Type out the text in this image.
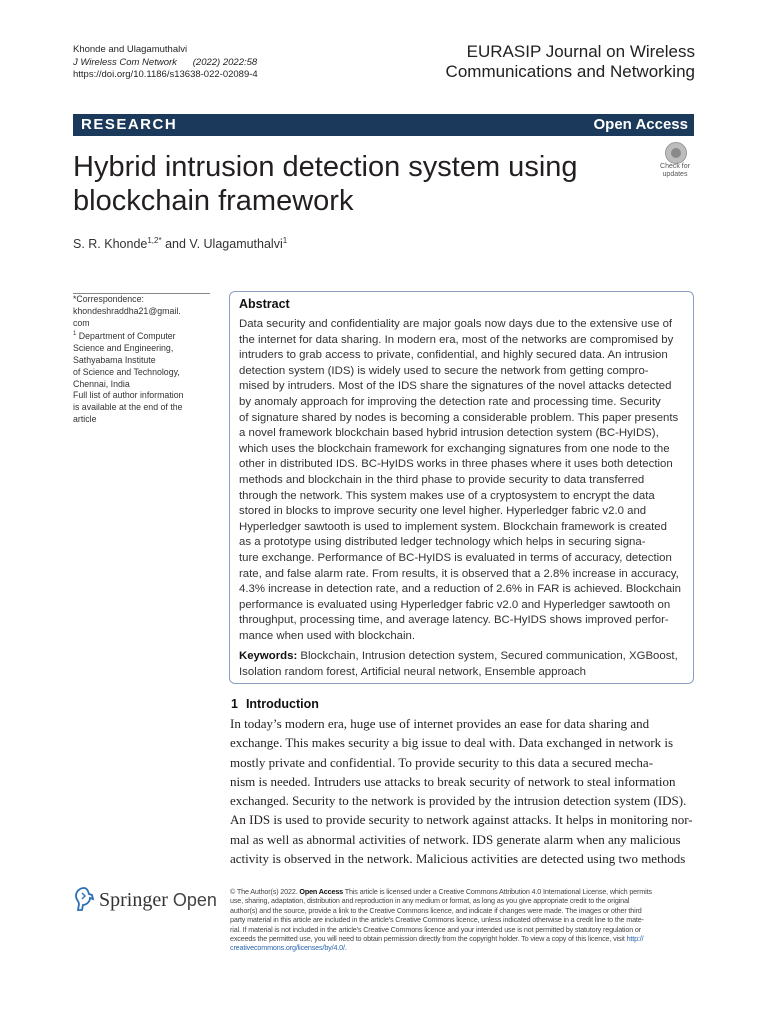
Khonde and Ulagamuthalvi
J Wireless Com Network (2022) 2022:58
https://doi.org/10.1186/s13638-022-02089-4
EURASIP Journal on Wireless
Communications and Networking
RESEARCH	Open Access
Hybrid intrusion detection system using
blockchain framework
Check for
updates
S. R. Khonde$^{1,2*}$ and V. Ulagamuthalvi$^1$
*Correspondence:
khondeshraddha21@gmail.
com
$^1$ Department of Computer
Science and Engineering,
Sathyabama Institute
of Science and Technology,
Chennai, India
Full list of author information
is available at the end of the
article
Abstract
Data security and confidentiality are major goals now days due to the extensive use of
the internet for data sharing. In modern era, most of the networks are compromised by
intruders to grab access to private, confidential, and highly secured data. An intrusion
detection system (IDS) is widely used to secure the network from getting compro-
mised by intruders. Most of the IDS share the signatures of the novel attacks detected
by anomaly approach for improving the detection rate and processing time. Security
of signature shared by nodes is becoming a considerable problem. This paper presents
a novel framework blockchain based hybrid intrusion detection system (BC-HyIDS),
which uses the blockchain framework for exchanging signatures from one node to the
other in distributed IDS. BC-HyIDS works in three phases where it uses both detection
methods and blockchain in the third phase to provide security to data transferred
through the network. This system makes use of a cryptosystem to encrypt the data
stored in blocks to improve security one level higher. Hyperledger fabric v2.0 and
Hyperledger sawtooth is used to implement system. Blockchain framework is created
as a prototype using distributed ledger technology which helps in securing signa-
ture exchange. Performance of BC-HyIDS is evaluated in terms of accuracy, detection
rate, and false alarm rate. From results, it is observed that a 2.8% increase in accuracy,
4.3% increase in detection rate, and a reduction of 2.6% in FAR is achieved. Blockchain
performance is evaluated using Hyperledger fabric v2.0 and Hyperledger sawtooth on
throughput, processing time, and average latency. BC-HyIDS shows improved perfor-
mance when used with blockchain.
Keywords: Blockchain, Intrusion detection system, Secured communication, XGBoost,
Isolation random forest, Artificial neural network, Ensemble approach
1 Introduction
In today’s modern era, huge use of internet provides an ease for data sharing and
exchange. This makes security a big issue to deal with. Data exchanged in network is
mostly private and confidential. To provide security to this data a secured mecha-
nism is needed. Intruders use attacks to break security of network to steal information
exchanged. Security to the network is provided by the intrusion detection system (IDS).
An IDS is used to provide security to network against attacks. It helps in monitoring nor-
mal as well as abnormal activities of network. IDS generate alarm when any malicious
activity is observed in the network. Malicious activities are detected using two methods
Springer Open © The Author(s) 2022. Open Access This article is licensed under a Creative Commons Attribution 4.0 International License, which permits
use, sharing, adaptation, distribution and reproduction in any medium or format, as long as you give appropriate credit to the original
author(s) and the source, provide a link to the Creative Commons licence, and indicate if changes were made. The images or other third
party material in this article are included in the article’s Creative Commons licence, unless indicated otherwise in a credit line to the mate-
rial. If material is not included in the article’s Creative Commons licence and your intended use is not permitted by statutory regulation or
exceeds the permitted use, you will need to obtain permission directly from the copyright holder. To view a copy of this licence, visit http://
creativecommons.org/licenses/by/4.0/.
